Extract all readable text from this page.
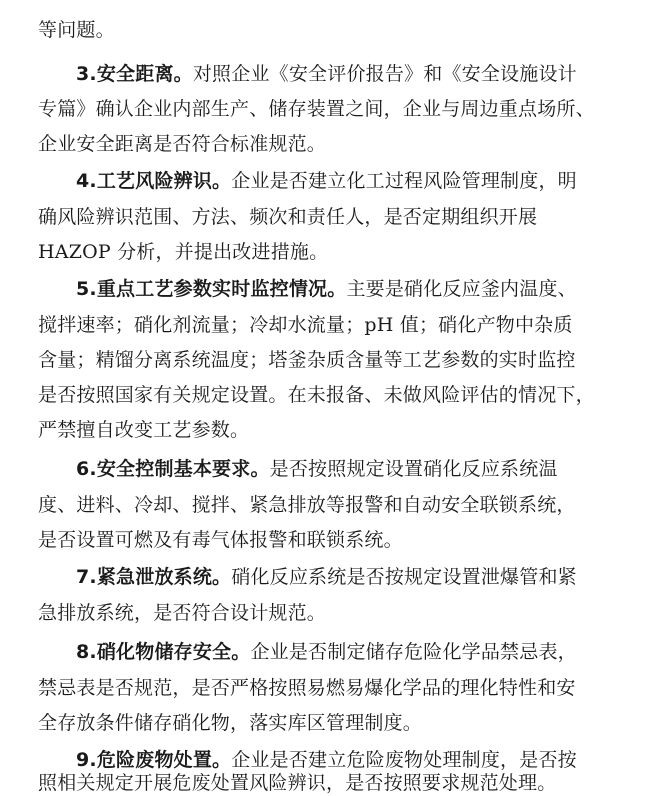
等问题。
3.安全距离。对照企业《安全评价报告》和《安全设施设计
专篇》确认企业内部生产、储存装置之间，企业与周边重点场所、
企业安全距离是否符合标准规范。
4.工艺风险辨识。企业是否建立化工过程风险管理制度，明
确风险辨识范围、方法、频次和责任人，是否定期组织开展
HAZOP 分析，并提出改进措施。
5.重点工艺参数实时监控情况。主要是硝化反应釜内温度、
搅拌速率；硝化剂流量；冷却水流量；pH 值；硝化产物中杂质
含量；精馏分离系统温度；塔釜杂质含量等工艺参数的实时监控
是否按照国家有关规定设置。在未报备、未做风险评估的情况下，
严禁擅自改变工艺参数。
6.安全控制基本要求。是否按照规定设置硝化反应系统温
度、进料、冷却、搅拌、紧急排放等报警和自动安全联锁系统，
是否设置可燃及有毒气体报警和联锁系统。
7.紧急泄放系统。硝化反应系统是否按规定设置泄爆管和紧
急排放系统，是否符合设计规范。
8.硝化物储存安全。企业是否制定储存危险化学品禁忌表，
禁忌表是否规范，是否严格按照易燃易爆化学品的理化特性和安
全存放条件储存硝化物，落实库区管理制度。
9.危险废物处置。企业是否建立危险废物处理制度，是否按
照相关规定开展危废处置风险辨识，是否按照要求规范处理。
